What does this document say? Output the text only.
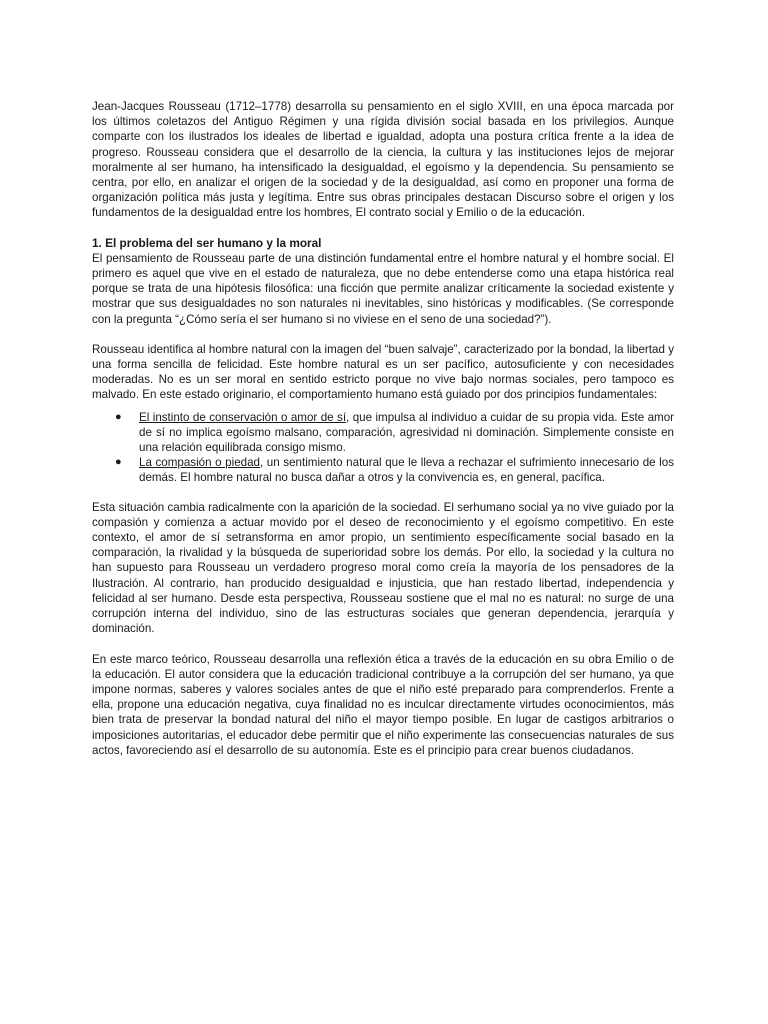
Jean-Jacques Rousseau (1712–1778) desarrolla su pensamiento en el siglo XVIII, en una época marcada por los últimos coletazos del Antiguo Régimen y una rígida división social basada en los privilegios. Aunque comparte con los ilustrados los ideales de libertad e igualdad, adopta una postura crítica frente a la idea de progreso. Rousseau considera que el desarrollo de la ciencia, la cultura y las instituciones lejos de mejorar moralmente al ser humano, ha intensificado la desigualdad, el egoísmo y la dependencia. Su pensamiento se centra, por ello, en analizar el origen de la sociedad y de la desigualdad, así como en proponer una forma de organización política más justa y legítima. Entre sus obras principales destacan Discurso sobre el origen y los fundamentos de la desigualdad entre los hombres, El contrato social y Emilio o de la educación.

1. El problema del ser humano y la moral

El pensamiento de Rousseau parte de una distinción fundamental entre el hombre natural y el hombre social. El primero es aquel que vive en el estado de naturaleza, que no debe entenderse como una etapa histórica real porque se trata de una hipótesis filosófica: una ficción que permite analizar críticamente la sociedad existente y mostrar que sus desigualdades no son naturales ni inevitables, sino históricas y modificables. (Se corresponde con la pregunta “¿Cómo sería el ser humano si no viviese en el seno de una sociedad?”).

Rousseau identifica al hombre natural con la imagen del “buen salvaje”, caracterizado por la bondad, la libertad y una forma sencilla de felicidad. Este hombre natural es un ser pacífico, autosuficiente y con necesidades moderadas. No es un ser moral en sentido estricto porque no vive bajo normas sociales, pero tampoco es malvado. En este estado originario, el comportamiento humano está guiado por dos principios fundamentales:

● El instinto de conservación o amor de sí, que impulsa al individuo a cuidar de su propia vida. Este amor de sí no implica egoísmo malsano, comparación, agresividad ni dominación. Simplemente consiste en una relación equilibrada consigo mismo.
● La compasión o piedad, un sentimiento natural que le lleva a rechazar el sufrimiento innecesario de los demás. El hombre natural no busca dañar a otros y la convivencia es, en general, pacífica.

Esta situación cambia radicalmente con la aparición de la sociedad. El serhumano social ya no vive guiado por la compasión y comienza a actuar movido por el deseo de reconocimiento y el egoísmo competitivo. En este contexto, el amor de sí setransforma en amor propio, un sentimiento específicamente social basado en la comparación, la rivalidad y la búsqueda de superioridad sobre los demás. Por ello, la sociedad y la cultura no han supuesto para Rousseau un verdadero progreso moral como creía la mayoría de los pensadores de la Ilustración. Al contrario, han producido desigualdad e injusticia, que han restado libertad, independencia y felicidad al ser humano. Desde esta perspectiva, Rousseau sostiene que el mal no es natural: no surge de una corrupción interna del individuo, sino de las estructuras sociales que generan dependencia, jerarquía y dominación.

En este marco teórico, Rousseau desarrolla una reflexión ética a través de la educación en su obra Emilio o de la educación. El autor considera que la educación tradicional contribuye a la corrupción del ser humano, ya que impone normas, saberes y valores sociales antes de que el niño esté preparado para comprenderlos. Frente a ella, propone una educación negativa, cuya finalidad no es inculcar directamente virtudes oconocimientos, más bien trata de preservar la bondad natural del niño el mayor tiempo posible. En lugar de castigos arbitrarios o imposiciones autoritarias, el educador debe permitir que el niño experimente las consecuencias naturales de sus actos, favoreciendo así el desarrollo de su autonomía. Este es el principio para crear buenos ciudadanos.
